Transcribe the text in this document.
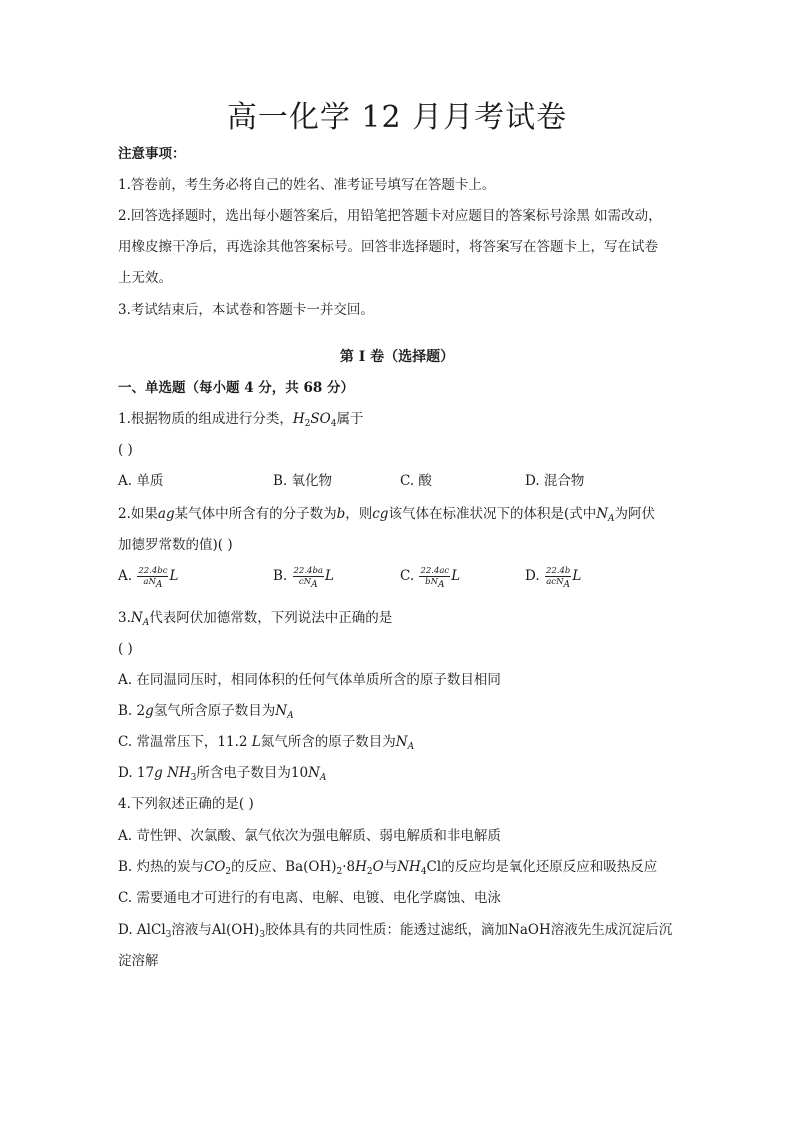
高一化学 12 月月考试卷
注意事项：
1.答卷前，考生务必将自己的姓名、准考证号填写在答题卡上。
2.回答选择题时，选出每小题答案后，用铅笔把答题卡对应题目的答案标号涂黑 如需改动，
用橡皮擦干净后，再选涂其他答案标号。回答非选择题时，将答案写在答题卡上，写在试卷
上无效。
3.考试结束后，本试卷和答题卡一并交回。
第 I 卷（选择题）
一、单选题（每小题 4 分，共 68 分）
1.根据物质的组成进行分类，$H_2SO_4$属于
( )
A. 单质	B. 氧化物	C. 酸	D. 混合物
2.如果ag某气体中所含有的分子数为b，则cg该气体在标准状况下的体积是(式中$N_A$为阿伏
加德罗常数的值)( )
A. $\frac{22.4bc}{aN_A}$ L	B. $\frac{22.4ba}{cN_A}$ L	C. $\frac{22.4ac}{bN_A}$ L	D. $\frac{22.4b}{acN_A}$ L
$3.N_A$代表阿伏加德常数，下列说法中正确的是
( )
A. 在同温同压时，相同体积的任何气体单质所含的原子数目相同
B. 2g氢气所含原子数目为$N_A$
C. 常温常压下，11.2 L氮气所含的原子数目为$N_A$
D. 17g $NH_3$所含电子数目为$10N_A$
4.下列叙述正确的是( )
A. 苛性钾、次氯酸、氯气依次为强电解质、弱电解质和非电解质
B. 灼热的炭与$CO_2$的反应、$Ba(OH)_2\cdot 8H_2O$与$NH_4Cl$的反应均是氧化还原反应和吸热反应
C. 需要通电才可进行的有电离、电解、电镀、电化学腐蚀、电泳
D. AlCl$_3$溶液与$Al(OH)_3$胶体具有的共同性质：能透过滤纸，滴加NaOH溶液先生成沉淀后沉
淀溶解
